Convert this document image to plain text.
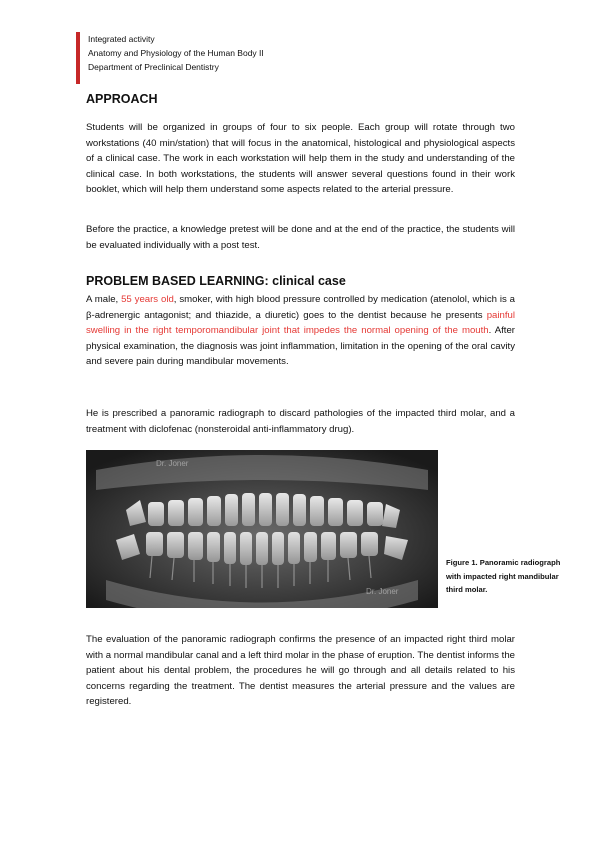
Integrated activity
Anatomy and Physiology of the Human Body II
Department of Preclinical Dentistry
APPROACH
Students will be organized in groups of four to six people. Each group will rotate through two workstations (40 min/station) that will focus in the anatomical, histological and physiological aspects of a clinical case. The work in each workstation will help them in the study and understanding of the clinical case. In both workstations, the students will answer several questions found in their work booklet, which will help them understand some aspects related to the arterial pressure.
Before the practice, a knowledge pretest will be done and at the end of the practice, the students will be evaluated individually with a post test.
PROBLEM BASED LEARNING: clinical case
A male, 55 years old, smoker, with high blood pressure controlled by medication (atenolol, which is a β-adrenergic antagonist; and thiazide, a diuretic) goes to the dentist because he presents painful swelling in the right temporomandibular joint that impedes the normal opening of the mouth. After physical examination, the diagnosis was joint inflammation, limitation in the opening of the oral cavity and severe pain during mandibular movements.
He is prescribed a panoramic radiograph to discard pathologies of the impacted third molar, and a treatment with diclofenac (nonsteroidal anti-inflammatory drug).
Dr. Joner
Dr. Joner
Figure 1. Panoramic radiograph with impacted right mandibular third molar.
The evaluation of the panoramic radiograph confirms the presence of an impacted right third molar with a normal mandibular canal and a left third molar in the phase of eruption. The dentist informs the patient about his dental problem, the procedures he will go through and all details related to his concerns regarding the treatment. The dentist measures the arterial pressure and the values are registered.
